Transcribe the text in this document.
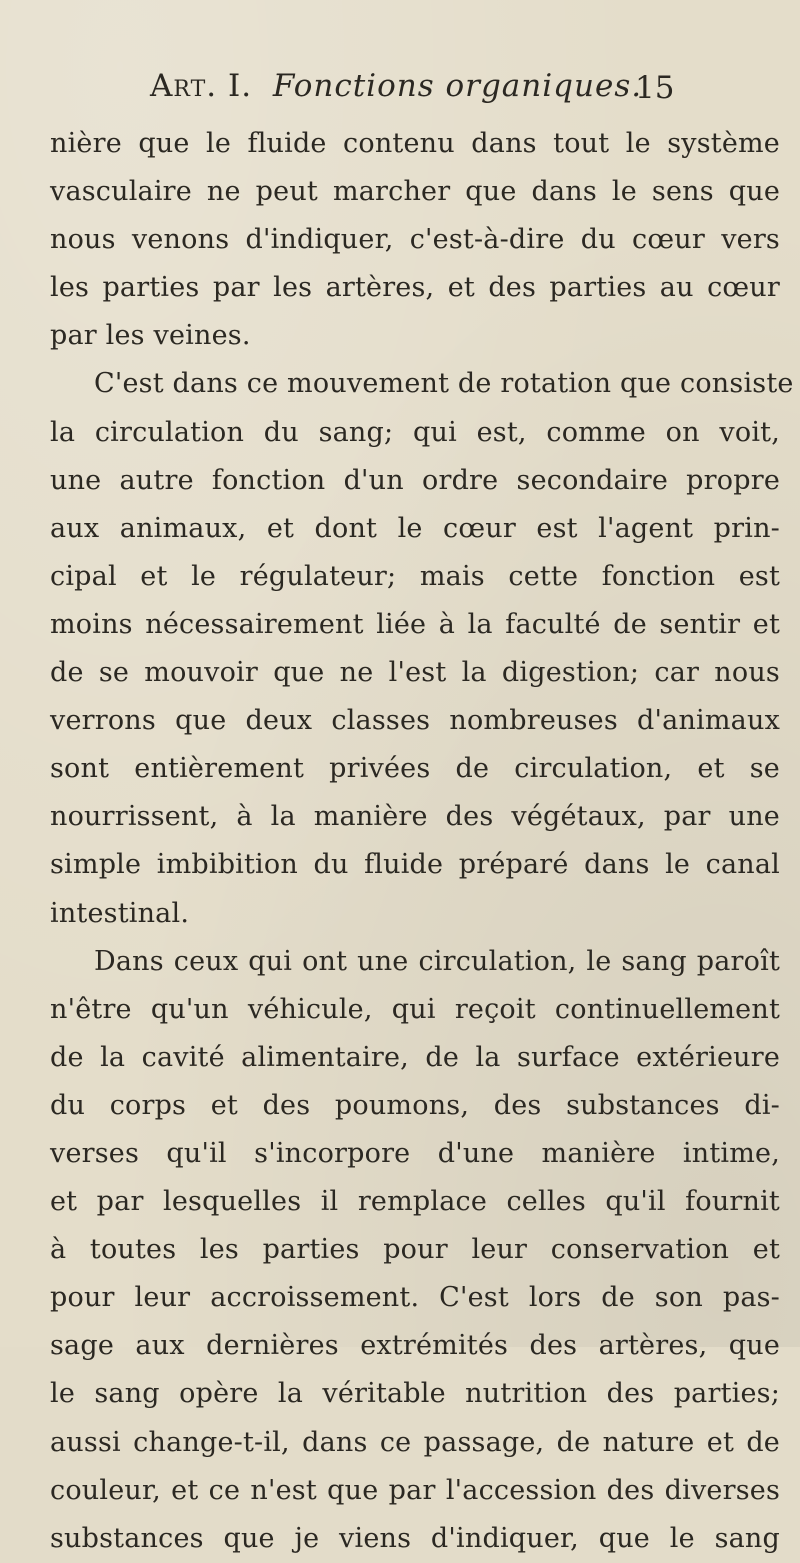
Art. I. Fonctions organiques.
15
nière que le fluide contenu dans tout le système
vasculaire ne peut marcher que dans le sens que
nous venons d'indiquer, c'est-à-dire du cœur vers
les parties par les artères, et des parties au cœur
par les veines.
C'est dans ce mouvement de rotation que consiste
la circulation du sang; qui est, comme on voit,
une autre fonction d'un ordre secondaire propre
aux animaux, et dont le cœur est l'agent prin-
cipal et le régulateur; mais cette fonction est
moins nécessairement liée à la faculté de sentir et
de se mouvoir que ne l'est la digestion; car nous
verrons que deux classes nombreuses d'animaux
sont entièrement privées de circulation, et se
nourrissent, à la manière des végétaux, par une
simple imbibition du fluide préparé dans le canal
intestinal.
Dans ceux qui ont une circulation, le sang paroît
n'être qu'un véhicule, qui reçoit continuellement
de la cavité alimentaire, de la surface extérieure
du corps et des poumons, des substances di-
verses qu'il s'incorpore d'une manière intime,
et par lesquelles il remplace celles qu'il fournit
à toutes les parties pour leur conservation et
pour leur accroissement. C'est lors de son pas-
sage aux dernières extrémités des artères, que
le sang opère la véritable nutrition des parties;
aussi change-t-il, dans ce passage, de nature et de
couleur, et ce n'est que par l'accession des diverses
substances que je viens d'indiquer, que le sang
